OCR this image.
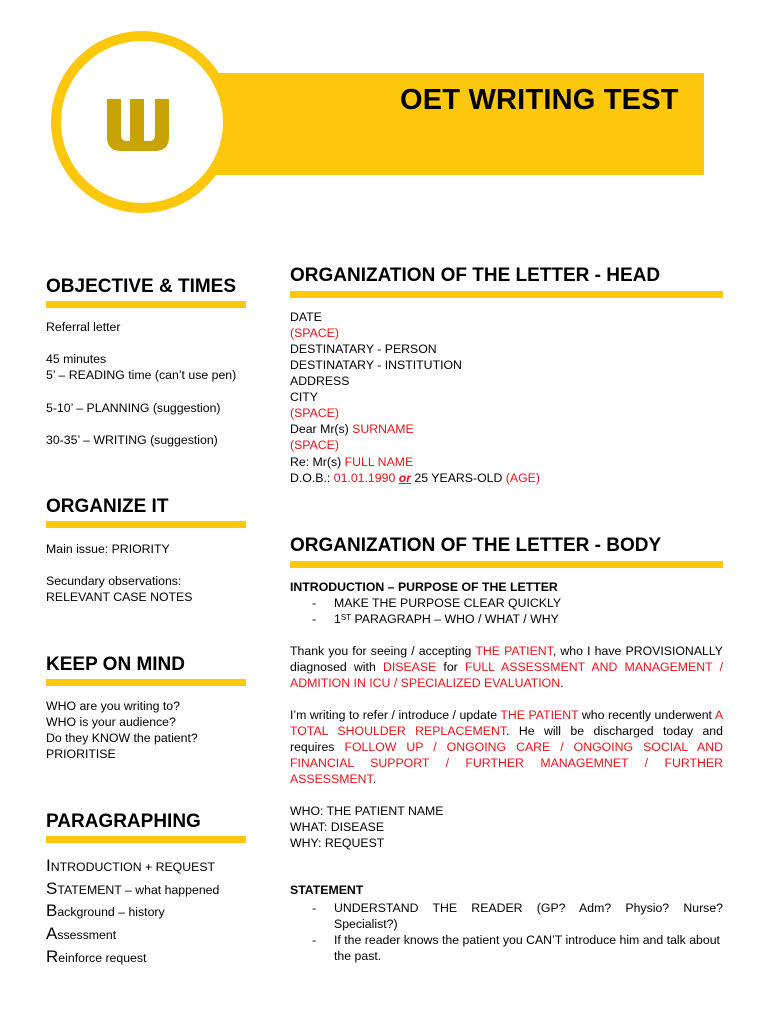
OET WRITING TEST
W
OBJECTIVE & TIMES
Referral letter
45 minutes
5’ – READING time (can’t use pen)
5-10’ – PLANNING (suggestion)
30-35’ – WRITING (suggestion)
ORGANIZE IT
Main issue: PRIORITY
Secundary observations:
RELEVANT CASE NOTES
KEEP ON MIND
WHO are you writing to?
WHO is your audience?
Do they KNOW the patient?
PRIORITISE
PARAGRAPHING
INTRODUCTION + REQUEST
STATEMENT – what happened
Background – history
Assessment
Reinforce request
ORGANIZATION OF THE LETTER - HEAD
DATE
(SPACE)
DESTINATARY - PERSON
DESTINATARY - INSTITUTION
ADDRESS
CITY
(SPACE)
Dear Mr(s) SURNAME
(SPACE)
Re: Mr(s) FULL NAME
D.O.B.: 01.01.1990 or 25 YEARS-OLD (AGE)
ORGANIZATION OF THE LETTER - BODY
INTRODUCTION – PURPOSE OF THE LETTER
- MAKE THE PURPOSE CLEAR QUICKLY
- 1ST PARAGRAPH – WHO / WHAT / WHY
Thank you for seeing / accepting THE PATIENT, who I have PROVISIONALLY diagnosed with DISEASE for FULL ASSESSMENT AND MANAGEMENT / ADMITION IN ICU / SPECIALIZED EVALUATION.
I’m writing to refer / introduce / update THE PATIENT who recently underwent A TOTAL SHOULDER REPLACEMENT. He will be discharged today and requires FOLLOW UP / ONGOING CARE / ONGOING SOCIAL AND FINANCIAL SUPPORT / FURTHER MANAGEMNET / FURTHER ASSESSMENT.
WHO: THE PATIENT NAME
WHAT: DISEASE
WHY: REQUEST
STATEMENT
- UNDERSTAND THE READER (GP? Adm? Physio? Nurse? Specialist?)
- If the reader knows the patient you CAN’T introduce him and talk about the past.
